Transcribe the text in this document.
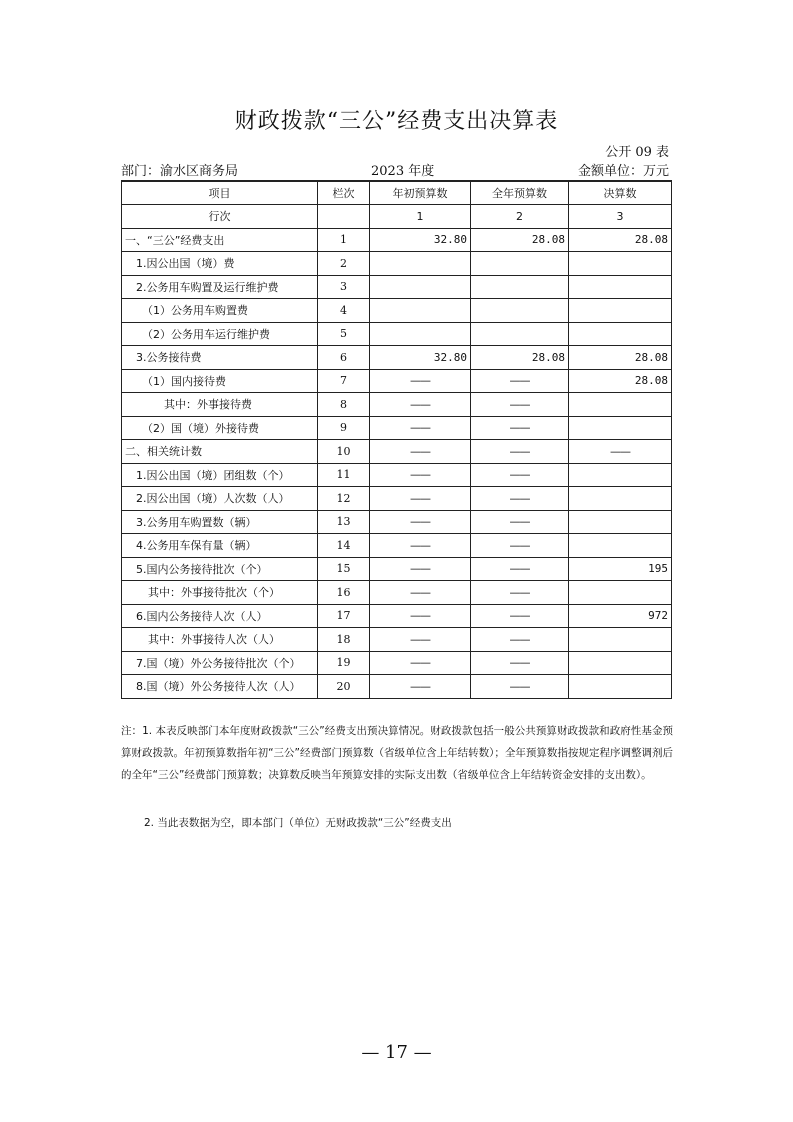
财政拨款“三公”经费支出决算表
公开 09 表
部门：渝水区商务局	2023 年度	金额单位：万元
项目	栏次	年初预算数	全年预算数	决算数
行次		1	2	3
一、“三公”经费支出	1	32.80	28.08	28.08
1.因公出国（境）费	2			
2.公务用车购置及运行维护费	3			
（1）公务用车购置费	4			
（2）公务用车运行维护费	5			
3.公务接待费	6	32.80	28.08	28.08
（1）国内接待费	7	——	——	28.08
其中：外事接待费	8	——	——	
（2）国（境）外接待费	9	——	——	
二、相关统计数	10	——	——	——
1.因公出国（境）团组数（个）	11	——	——	
2.因公出国（境）人次数（人）	12	——	——	
3.公务用车购置数（辆）	13	——	——	
4.公务用车保有量（辆）	14	——	——	
5.国内公务接待批次（个）	15	——	——	195
其中：外事接待批次（个）	16	——	——	
6.国内公务接待人次（人）	17	——	——	972
其中：外事接待人次（人）	18	——	——	
7.国（境）外公务接待批次（个）	19	——	——	
8.国（境）外公务接待人次（人）	20	——	——	
注：1. 本表反映部门本年度财政拨款“三公”经费支出预决算情况。财政拨款包括一般公共预算财政拨款和政府性基金预算财政拨款。年初预算数指年初“三公”经费部门预算数（省级单位含上年结转数）；全年预算数指按规定程序调整调剂后的全年“三公”经费部门预算数；决算数反映当年预算安排的实际支出数（省级单位含上年结转资金安排的支出数）。
2. 当此表数据为空，即本部门（单位）无财政拨款“三公”经费支出
— 17 —
